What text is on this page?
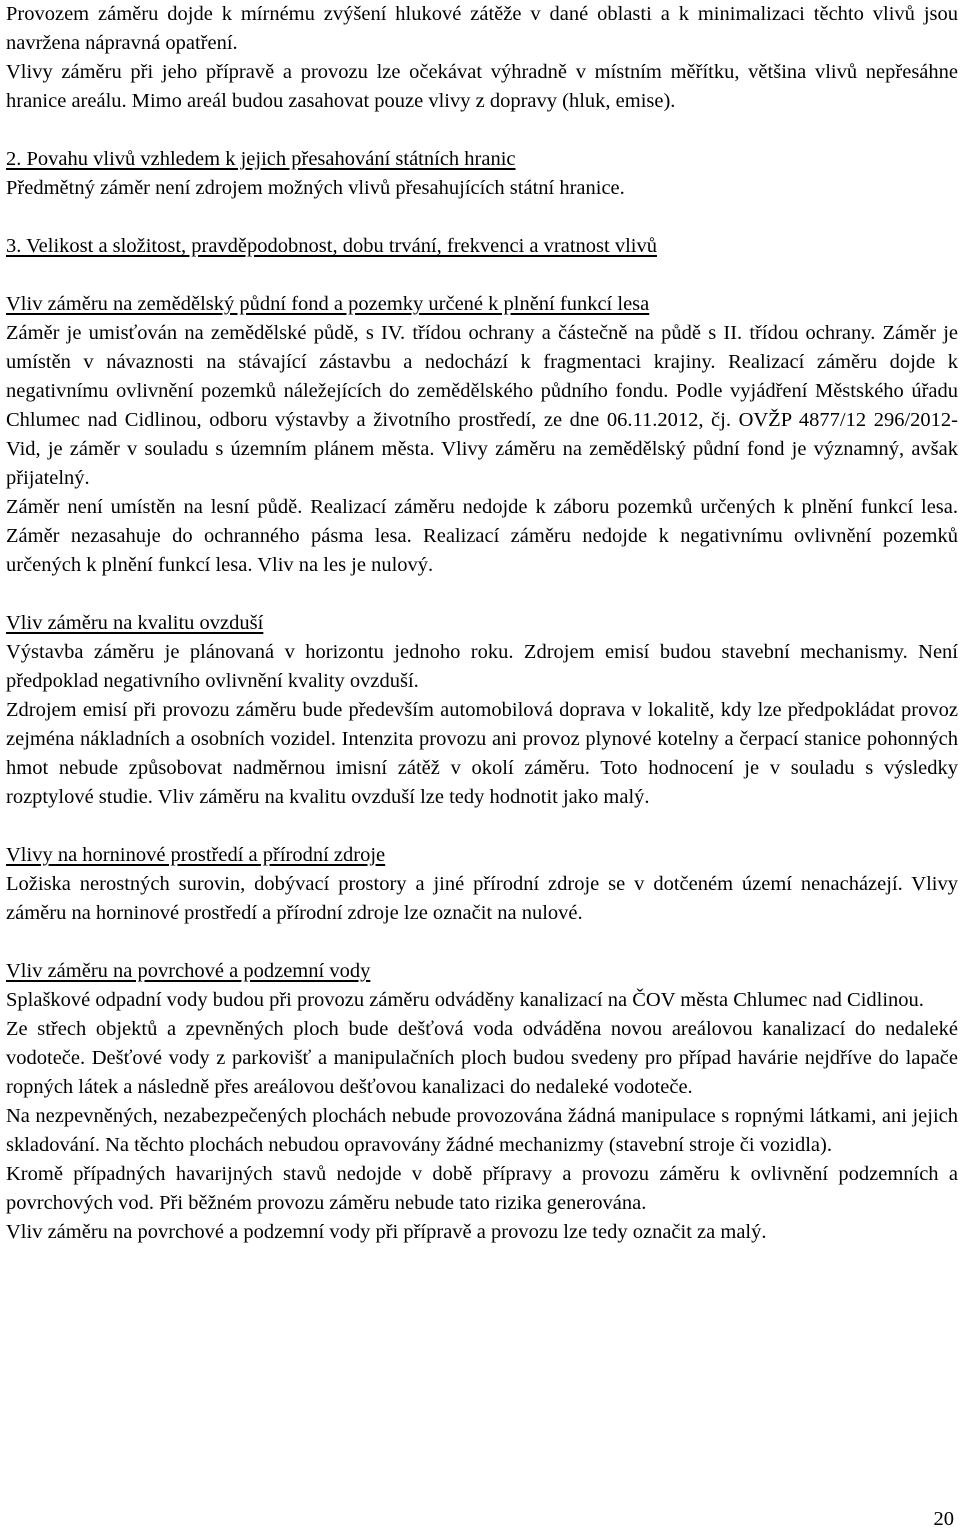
Provozem záměru dojde k mírnému zvýšení hlukové zátěže v dané oblasti a k minimalizaci těchto vlivů jsou navržena nápravná opatření.

Vlivy záměru při jeho přípravě a provozu lze očekávat výhradně v místním měřítku, většina vlivů nepřesáhne hranice areálu. Mimo areál budou zasahovat pouze vlivy z dopravy (hluk, emise).

2. Povahu vlivů vzhledem k jejich přesahování státních hranic

Předmětný záměr není zdrojem možných vlivů přesahujících státní hranice.

3. Velikost a složitost, pravděpodobnost, dobu trvání, frekvenci a vratnost vlivů

Vliv záměru na zemědělský půdní fond a pozemky určené k plnění funkcí lesa

Záměr je umisťován na zemědělské půdě, s IV. třídou ochrany a částečně na půdě s II. třídou ochrany. Záměr je umístěn v návaznosti na stávající zástavbu a nedochází k fragmentaci krajiny. Realizací záměru dojde k negativnímu ovlivnění pozemků náležejících do zemědělského půdního fondu. Podle vyjádření Městského úřadu Chlumec nad Cidlinou, odboru výstavby a životního prostředí, ze dne 06.11.2012, čj. OVŽP 4877/12 296/2012-Vid, je záměr v souladu s územním plánem města. Vlivy záměru na zemědělský půdní fond je významný, avšak přijatelný.

Záměr není umístěn na lesní půdě. Realizací záměru nedojde k záboru pozemků určených k plnění funkcí lesa. Záměr nezasahuje do ochranného pásma lesa. Realizací záměru nedojde k negativnímu ovlivnění pozemků určených k plnění funkcí lesa. Vliv na les je nulový.

Vliv záměru na kvalitu ovzduší

Výstavba záměru je plánovaná v horizontu jednoho roku. Zdrojem emisí budou stavební mechanismy. Není předpoklad negativního ovlivnění kvality ovzduší.

Zdrojem emisí při provozu záměru bude především automobilová doprava v lokalitě, kdy lze předpokládat provoz zejména nákladních a osobních vozidel. Intenzita provozu ani provoz plynové kotelny a čerpací stanice pohonných hmot nebude způsobovat nadměrnou imisní zátěž v okolí záměru. Toto hodnocení je v souladu s výsledky rozptylové studie. Vliv záměru na kvalitu ovzduší lze tedy hodnotit jako malý.

Vlivy na horninové prostředí a přírodní zdroje

Ložiska nerostných surovin, dobývací prostory a jiné přírodní zdroje se v dotčeném území nenacházejí. Vlivy záměru na horninové prostředí a přírodní zdroje lze označit na nulové.

Vliv záměru na povrchové a podzemní vody

Splaškové odpadní vody budou při provozu záměru odváděny kanalizací na ČOV města Chlumec nad Cidlinou.

Ze střech objektů a zpevněných ploch bude dešťová voda odváděna novou areálovou kanalizací do nedaleké vodoteče. Dešťové vody z parkovišť a manipulačních ploch budou svedeny pro případ havárie nejdříve do lapače ropných látek a následně přes areálovou dešťovou kanalizaci do nedaleké vodoteče.

Na nezpevněných, nezabezpečených plochách nebude provozována žádná manipulace s ropnými látkami, ani jejich skladování. Na těchto plochách nebudou opravovány žádné mechanizmy (stavební stroje či vozidla).

Kromě případných havarijných stavů nedojde v době přípravy a provozu záměru k ovlivnění podzemních a povrchových vod. Při běžném provozu záměru nebude tato rizika generována.

Vliv záměru na povrchové a podzemní vody při přípravě a provozu lze tedy označit za malý.

20
